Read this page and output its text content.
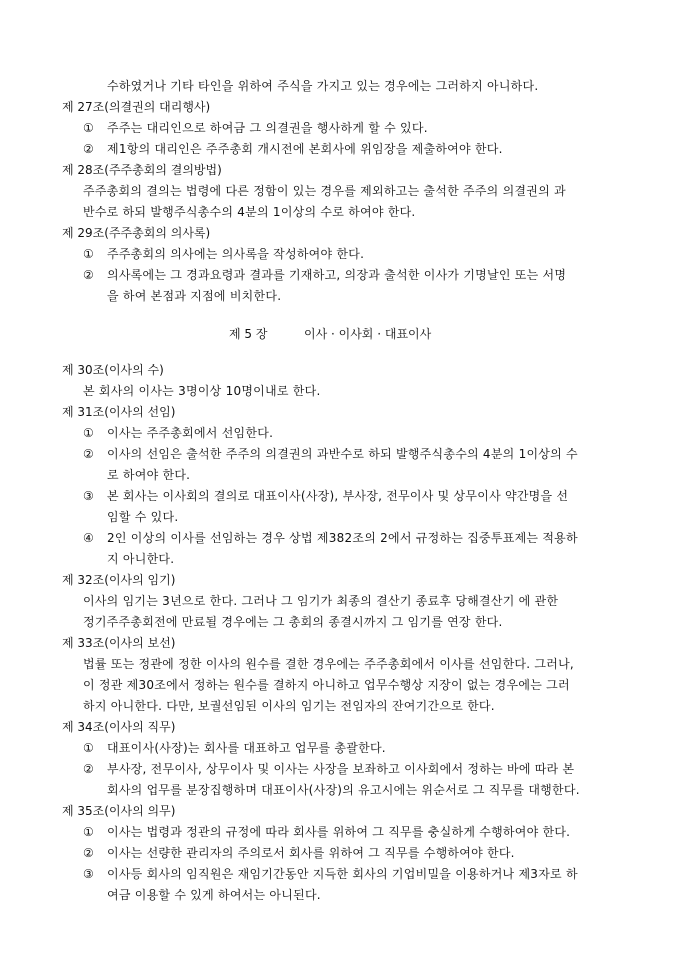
수하였거나 기타 타인을 위하여 주식을 가지고 있는 경우에는 그러하지 아니하다.
제 27조(의결권의 대리행사)
① 주주는 대리인으로 하여금 그 의결권을 행사하게 할 수 있다.
② 제1항의 대리인은 주주총회 개시전에 본회사에 위임장을 제출하여야 한다.
제 28조(주주총회의 결의방법)
주주총회의 결의는 법령에 다른 정함이 있는 경우를 제외하고는 출석한 주주의 의결권의 과
반수로 하되 발행주식총수의 4분의 1이상의 수로 하여야 한다.
제 29조(주주총회의 의사록)
① 주주총회의 의사에는 의사록을 작성하여야 한다.
② 의사록에는 그 경과요령과 결과를 기재하고, 의장과 출석한 이사가 기명날인 또는 서명
을 하여 본점과 지점에 비치한다.
제 5 장	이사 · 이사회 · 대표이사
제 30조(이사의 수)
본 회사의 이사는 3명이상 10명이내로 한다.
제 31조(이사의 선임)
① 이사는 주주총회에서 선임한다.
② 이사의 선임은 출석한 주주의 의결권의 과반수로 하되 발행주식총수의 4분의 1이상의 수
로 하여야 한다.
③ 본 회사는 이사회의 결의로 대표이사(사장), 부사장, 전무이사 및 상무이사 약간명을 선
임할 수 있다.
④ 2인 이상의 이사를 선임하는 경우 상법 제382조의 2에서 규정하는 집중투표제는 적용하
지 아니한다.
제 32조(이사의 임기)
이사의 임기는 3년으로 한다. 그러나 그 임기가 최종의 결산기 종료후 당해결산기 에 관한
정기주주총회전에 만료될 경우에는 그 총회의 종결시까지 그 임기를 연장 한다.
제 33조(이사의 보선)
법률 또는 정관에 정한 이사의 원수를 결한 경우에는 주주총회에서 이사를 선임한다. 그러나,
이 정관 제30조에서 정하는 원수를 결하지 아니하고 업무수행상 지장이 없는 경우에는 그러
하지 아니한다. 다만, 보궐선임된 이사의 임기는 전임자의 잔여기간으로 한다.
제 34조(이사의 직무)
① 대표이사(사장)는 회사를 대표하고 업무를 총괄한다.
② 부사장, 전무이사, 상무이사 및 이사는 사장을 보좌하고 이사회에서 정하는 바에 따라 본
회사의 업무를 분장집행하며 대표이사(사장)의 유고시에는 위순서로 그 직무를 대행한다.
제 35조(이사의 의무)
① 이사는 법령과 정관의 규정에 따라 회사를 위하여 그 직무를 충실하게 수행하여야 한다.
② 이사는 선량한 관리자의 주의로서 회사를 위하여 그 직무를 수행하여야 한다.
③ 이사등 회사의 임직원은 재임기간동안 지득한 회사의 기업비밀을 이용하거나 제3자로 하
여금 이용할 수 있게 하여서는 아니된다.
